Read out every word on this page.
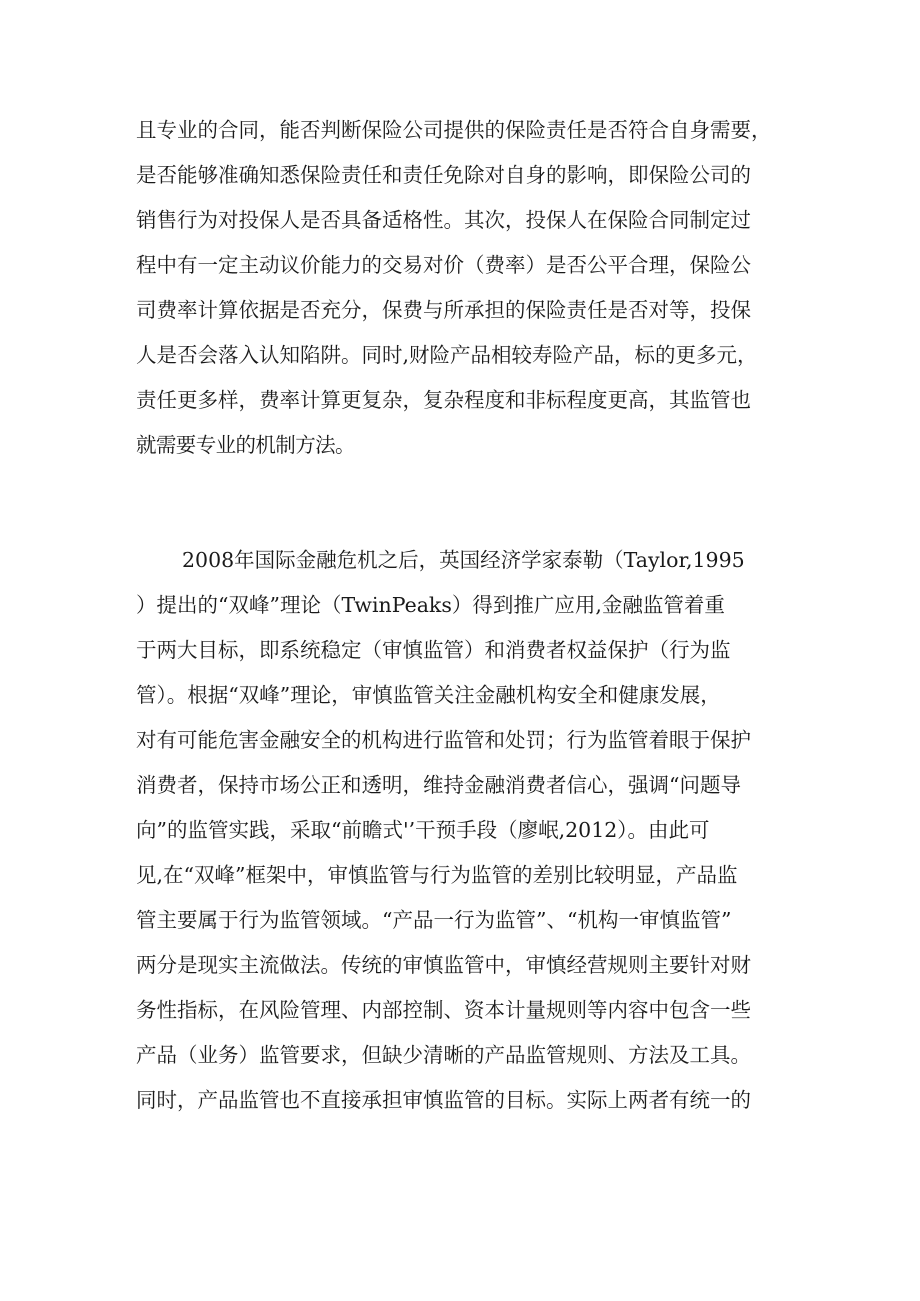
且专业的合同，能否判断保险公司提供的保险责任是否符合自身需要，
是否能够准确知悉保险责任和责任免除对自身的影响，即保险公司的
销售行为对投保人是否具备适格性。其次，投保人在保险合同制定过
程中有一定主动议价能力的交易对价（费率）是否公平合理，保险公
司费率计算依据是否充分，保费与所承担的保险责任是否对等，投保
人是否会落入认知陷阱。同时,财险产品相较寿险产品，标的更多元，
责任更多样，费率计算更复杂，复杂程度和非标程度更高，其监管也
就需要专业的机制方法。
2008年国际金融危机之后，英国经济学家泰勒（Taylor,1995
）提出的“双峰”理论（TwinPeaks）得到推广应用,金融监管着重
于两大目标，即系统稳定（审慎监管）和消费者权益保护（行为监
管）。根据“双峰”理论，审慎监管关注金融机构安全和健康发展，
对有可能危害金融安全的机构进行监管和处罚；行为监管着眼于保护
消费者，保持市场公正和透明，维持金融消费者信心，强调“问题导
向”的监管实践，采取“前瞻式'’干预手段（廖岷,2012）。由此可
见,在“双峰”框架中，审慎监管与行为监管的差别比较明显，产品监
管主要属于行为监管领域。“产品一行为监管”、“机构一审慎监管”
两分是现实主流做法。传统的审慎监管中，审慎经营规则主要针对财
务性指标，在风险管理、内部控制、资本计量规则等内容中包含一些
产品（业务）监管要求，但缺少清晰的产品监管规则、方法及工具。
同时，产品监管也不直接承担审慎监管的目标。实际上两者有统一的
